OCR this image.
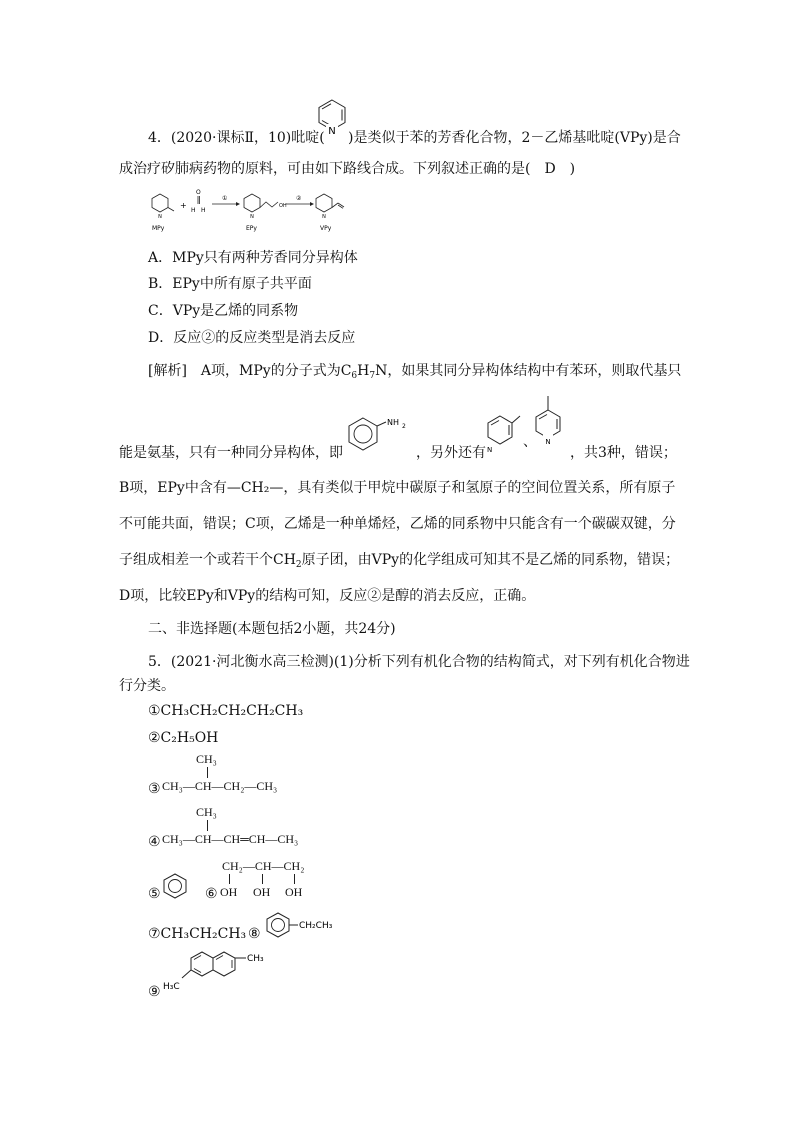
4．(2020·课标Ⅱ，10)吡啶( N )是类似于苯的芳香化合物，2－乙烯基吡啶(VPy)是合
成治疗矽肺病药物的原料，可由如下路线合成。下列叙述正确的是(　D　)
N
MPy
+
O
H H
①
OH
N
EPy
②
N
VPy
A．MPy只有两种芳香同分异构体
B．EPy中所有原子共平面
C．VPy是乙烯的同系物
D．反应②的反应类型是消去反应
[解析]　A项，MPy的分子式为$C_6H_7N$，如果其同分异构体结构中有苯环，则取代基只
能是氨基，只有一种同分异构体，即
NH 2
，另外还有 N 、 N
，共3种，错误；
B项，EPy中含有—CH₂—，具有类似于甲烷中碳原子和氢原子的空间位置关系，所有原子
不可能共面，错误；C项，乙烯是一种单烯烃，乙烯的同系物中只能含有一个碳碳双键，分
子组成相差一个或若干个$CH_2$原子团，由VPy的化学组成可知其不是乙烯的同系物，错误；
D项，比较EPy和VPy的结构可知，反应②是醇的消去反应，正确。
二、非选择题(本题包括2小题，共24分)
5．(2021·河北衡水高三检测)(1)分析下列有机化合物的结构简式，对下列有机化合物进
行分类。
①CH₃CH₂CH₂CH₂CH₃
②C₂H₅OH
CH₃
③ CH₃—CH—CH₂—CH₃
CH₃
④ CH₃—CH—CH═CH—CH₃
⑤	⑥
CH₂—CH—CH₂
OH OH OH
⑦CH₃CH₂CH₃ ⑧	CH₂CH₃
⑨
CH₃
H₃C
